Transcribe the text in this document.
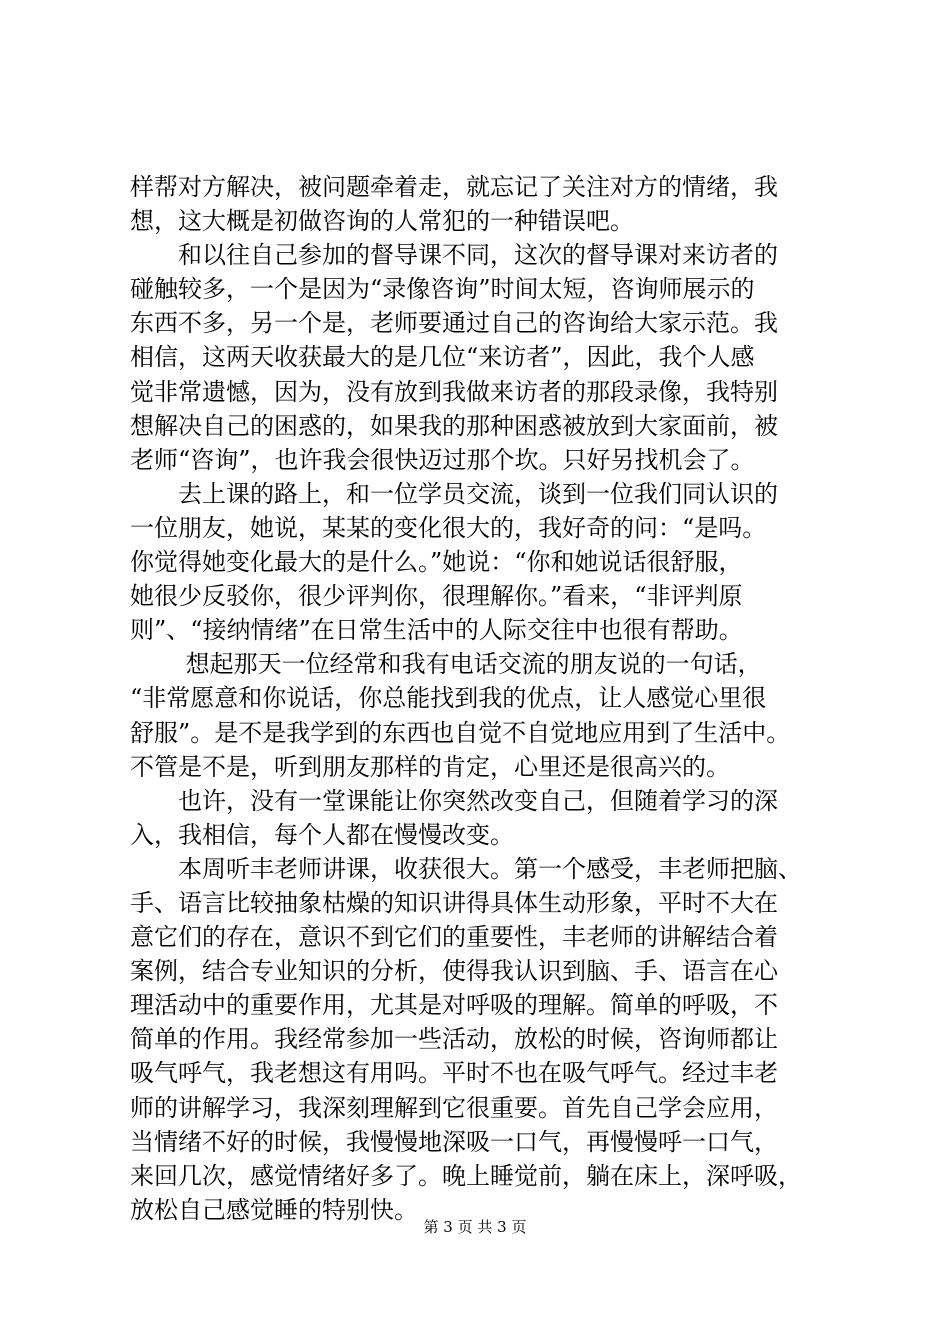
样帮对方解决，被问题牵着走，就忘记了关注对方的情绪，我
想，这大概是初做咨询的人常犯的一种错误吧。
　　和以往自己参加的督导课不同，这次的督导课对来访者的
碰触较多，一个是因为“录像咨询”时间太短，咨询师展示的
东西不多，另一个是，老师要通过自己的咨询给大家示范。我
相信，这两天收获最大的是几位“来访者”，因此，我个人感
觉非常遗憾，因为，没有放到我做来访者的那段录像，我特别
想解决自己的困惑的，如果我的那种困惑被放到大家面前，被
老师“咨询”，也许我会很快迈过那个坎。只好另找机会了。
　　去上课的路上，和一位学员交流，谈到一位我们同认识的
一位朋友，她说，某某的变化很大的，我好奇的问：“是吗。
你觉得她变化最大的是什么。”她说：“你和她说话很舒服，
她很少反驳你，很少评判你，很理解你。”看来，“非评判原
则”、“接纳情绪”在日常生活中的人际交往中也很有帮助。
　　 想起那天一位经常和我有电话交流的朋友说的一句话，
“非常愿意和你说话，你总能找到我的优点，让人感觉心里很
舒服”。是不是我学到的东西也自觉不自觉地应用到了生活中。
不管是不是，听到朋友那样的肯定，心里还是很高兴的。
　　也许，没有一堂课能让你突然改变自己，但随着学习的深
入，我相信，每个人都在慢慢改变。
　　本周听丰老师讲课，收获很大。第一个感受，丰老师把脑、
手、语言比较抽象枯燥的知识讲得具体生动形象，平时不大在
意它们的存在，意识不到它们的重要性，丰老师的讲解结合着
案例，结合专业知识的分析，使得我认识到脑、手、语言在心
理活动中的重要作用，尤其是对呼吸的理解。简单的呼吸，不
简单的作用。我经常参加一些活动，放松的时候，咨询师都让
吸气呼气，我老想这有用吗。平时不也在吸气呼气。经过丰老
师的讲解学习，我深刻理解到它很重要。首先自己学会应用，
当情绪不好的时候，我慢慢地深吸一口气，再慢慢呼一口气，
来回几次，感觉情绪好多了。晚上睡觉前，躺在床上，深呼吸，
放松自己感觉睡的特别快。
第 3 页 共 3 页
